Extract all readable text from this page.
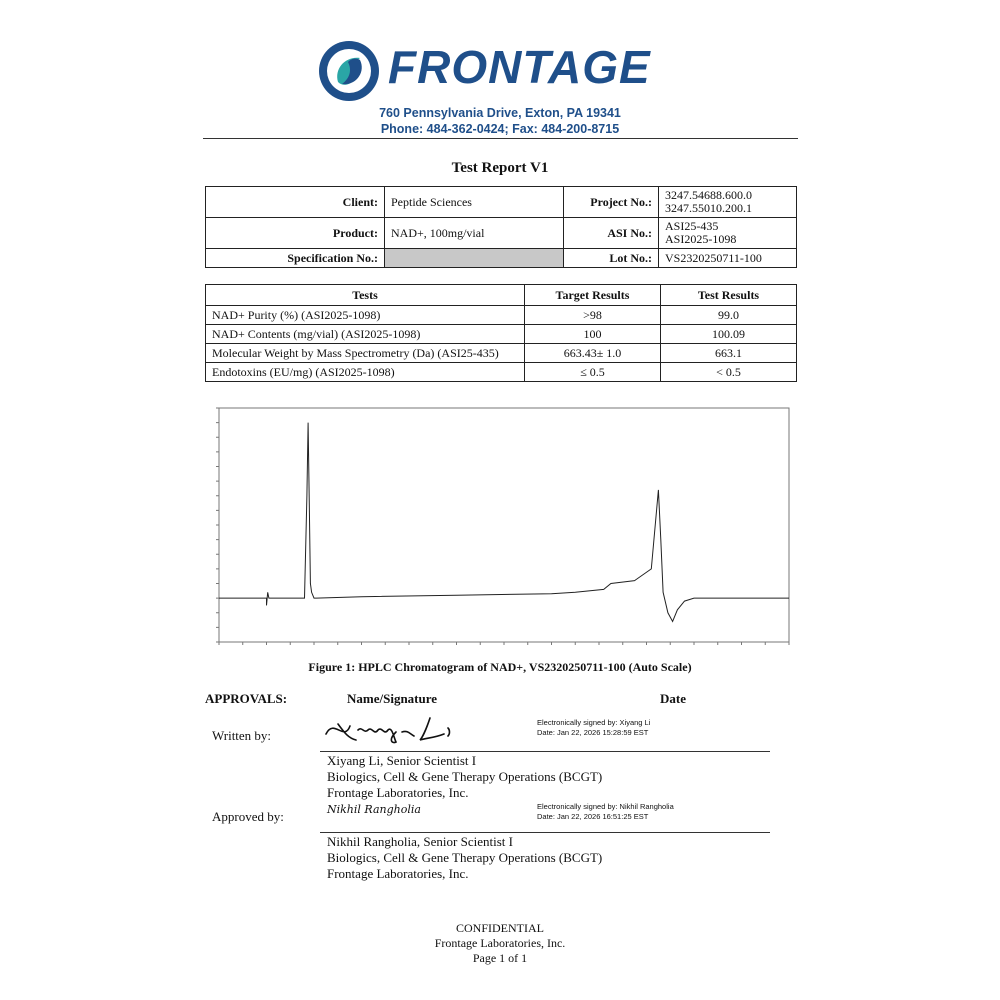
FRONTAGE
760 Pennsylvania Drive, Exton, PA 19341
Phone: 484-362-0424; Fax: 484-200-8715
Test Report V1
Client:	Peptide Sciences	Project No.:	3247.54688.600.0
3247.55010.200.1
Product:	NAD+, 100mg/vial	ASI No.:	ASI25-435
ASI2025-1098
Specification No.:		Lot No.:	VS2320250711-100
Tests	Target Results	Test Results
NAD+ Purity (%) (ASI2025-1098)	>98	99.0
NAD+ Contents (mg/vial) (ASI2025-1098)	100	100.09
Molecular Weight by Mass Spectrometry (Da) (ASI25-435)	663.43± 1.0	663.1
Endotoxins (EU/mg) (ASI2025-1098)	≤ 0.5	< 0.5
Figure 1: HPLC Chromatogram of NAD+, VS2320250711-100 (Auto Scale)
APPROVALS:	Name/Signature	Date
Written by:
Electronically signed by: Xiyang Li
Date: Jan 22, 2026 15:28:59 EST
Xiyang Li, Senior Scientist I
Biologics, Cell & Gene Therapy Operations (BCGT)
Frontage Laboratories, Inc.
Approved by:	Nikhil Rangholia	Electronically signed by: Nikhil Rangholia
Date: Jan 22, 2026 16:51:25 EST
Nikhil Rangholia, Senior Scientist I
Biologics, Cell & Gene Therapy Operations (BCGT)
Frontage Laboratories, Inc.
CONFIDENTIAL
Frontage Laboratories, Inc.
Page 1 of 1
